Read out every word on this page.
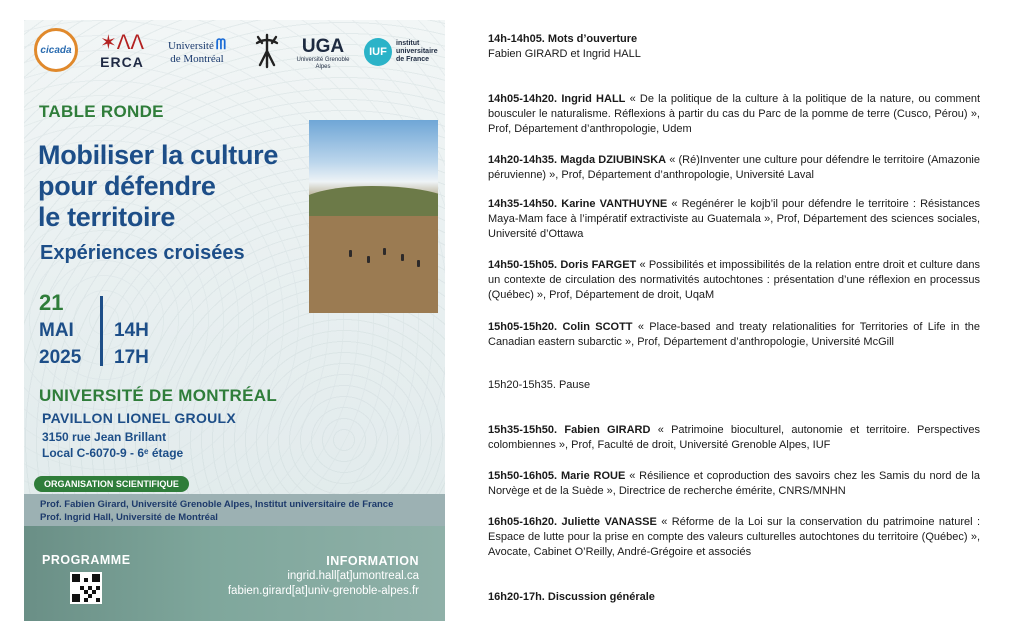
cicada ✶ᐱᐱ
ERCA
Université ᗰ
de Montréal
UGA
Université Grenoble Alpes
IUF
institut
universitaire
de France
TABLE RONDE
Mobiliser la culture
pour défendre
le territoire
Expériences croisées
21
MAI
2025
14H
17H
UNIVERSITÉ DE MONTRÉAL
PAVILLON LIONEL GROULX
3150 rue Jean Brillant
Local C-6070-9 - 6ᵉ étage
ORGANISATION SCIENTIFIQUE
Prof. Fabien Girard, Université Grenoble Alpes, Institut universitaire de France
Prof. Ingrid Hall, Université de Montréal
PROGRAMME	INFORMATION
ingrid.hall[at]umontreal.ca
fabien.girard[at]univ-grenoble-alpes.fr
14h-14h05. Mots d’ouverture
Fabien GIRARD et Ingrid HALL
14h05-14h20. Ingrid HALL « De la politique de la culture à la politique de la nature, ou comment bousculer le naturalisme. Réflexions à partir du cas du Parc de la pomme de terre (Cusco, Pérou) », Prof, Département d’anthropologie, Udem
14h20-14h35. Magda DZIUBINSKA « (Ré)Inventer une culture pour défendre le territoire (Amazonie péruvienne) », Prof, Département d’anthropologie, Université Laval
14h35-14h50. Karine VANTHUYNE « Regénérer le kojb’il pour défendre le territoire : Résistances Maya-Mam face à l’impératif extractiviste au Guatemala », Prof, Département des sciences sociales, Université d’Ottawa
14h50-15h05. Doris FARGET « Possibilités et impossibilités de la relation entre droit et culture dans un contexte de circulation des normativités autochtones : présentation d’une réflexion en processus (Québec) », Prof, Département de droit, UqaM
15h05-15h20. Colin SCOTT « Place-based and treaty relationalities for Territories of Life in the Canadian eastern subarctic », Prof, Département d’anthropologie, Université McGill
15h20-15h35. Pause
15h35-15h50. Fabien GIRARD « Patrimoine bioculturel, autonomie et territoire. Perspectives colombiennes », Prof, Faculté de droit, Université Grenoble Alpes, IUF
15h50-16h05. Marie ROUE « Résilience et coproduction des savoirs chez les Samis du nord de la Norvège et de la Suède », Directrice de recherche émérite, CNRS/MNHN
16h05-16h20. Juliette VANASSE « Réforme de la Loi sur la conservation du patrimoine naturel : Espace de lutte pour la prise en compte des valeurs culturelles autochtones du territoire (Québec) », Avocate, Cabinet O’Reilly, André-Grégoire et associés
16h20-17h. Discussion générale
